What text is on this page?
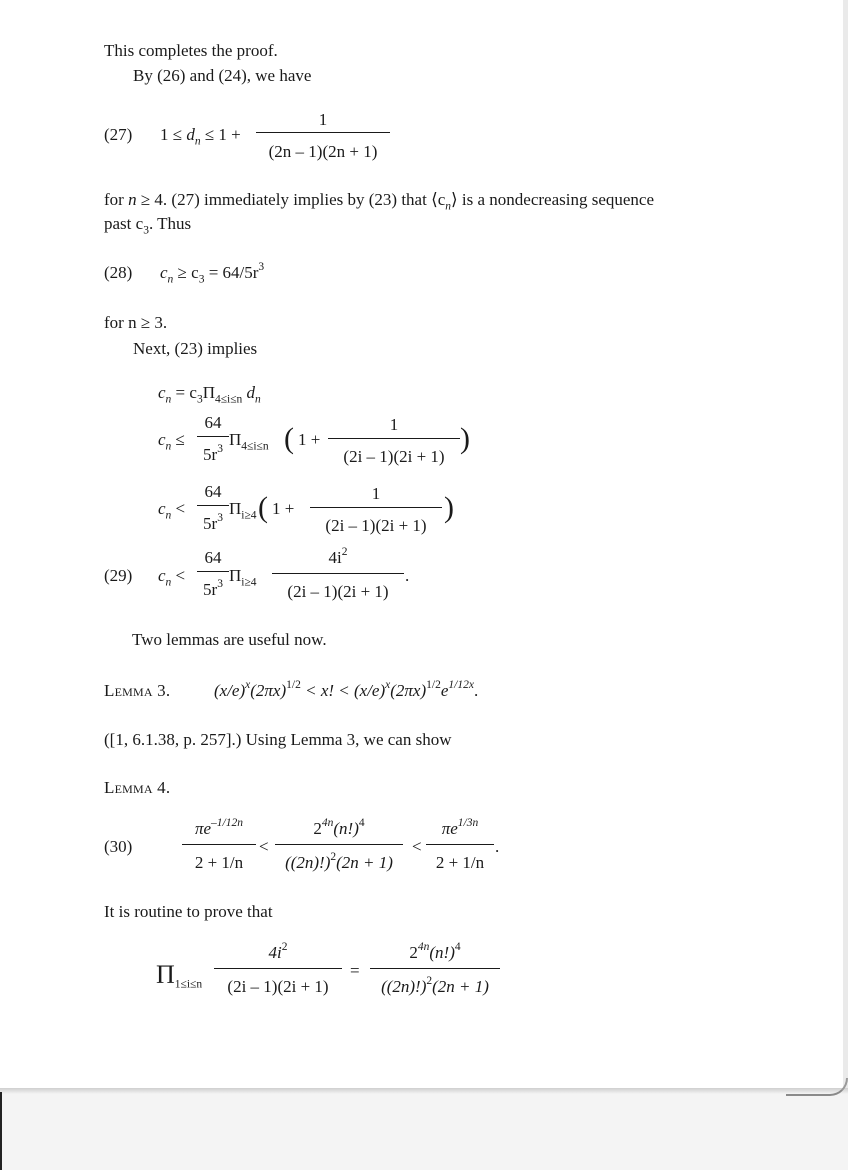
This completes the proof.
By (26) and (24), we have
(27) $1 \le d_n \le 1$ +
1
(2n – 1)(2n + 1)
for n ≥ 4. (27) immediately implies by (23) that $⟨c_n⟩$ is a nondecreasing sequence
past $c_3$. Thus
(28) $c_n \ge c_3 = 64/5r^3$
for n ≥ 3.
Next, (23) implies
$c_n = c_3\Pi_{4\le i\le n}$ $d_n$
$c_n$ ≤
64
$5r^3$
$\Pi_{4\le i\le n}$ ( 1 +
1
(2i – 1)(2i + 1)
)
$c_n$ <
64
$5r^3$
$\Pi_{i\ge 4}$ ( 1 +
1
(2i – 1)(2i + 1)
)
(29) $c_n$ <
64
$5r^3$ $\Pi_{i\ge 4}$
$4i^2$
(2i – 1)(2i + 1)
.
Two lemmas are useful now.
Lemma 3.	$(x/e)^x(2\pi x)^{1/2} < x$! < $(x/e)^x(2\pi x)^{1/2}e^{1/12x}$.
([1, 6.1.38, p. 257].) Using Lemma 3, we can show
Lemma 4.
(30)
$\pi e^{-1/12n}$
2 + 1/n
<
$2^{4n}(n!)^4$
$((2n)!)^2(2n + 1)$
<
$\pi e^{1/3n}$
2 + 1/n
.
It is routine to prove that
$\Pi_{1\le i\le n}$
$4i^2$
(2i – 1)(2i + 1)
=
$2^{4n}(n!)^4$
$((2n)!)^2(2n + 1)$
